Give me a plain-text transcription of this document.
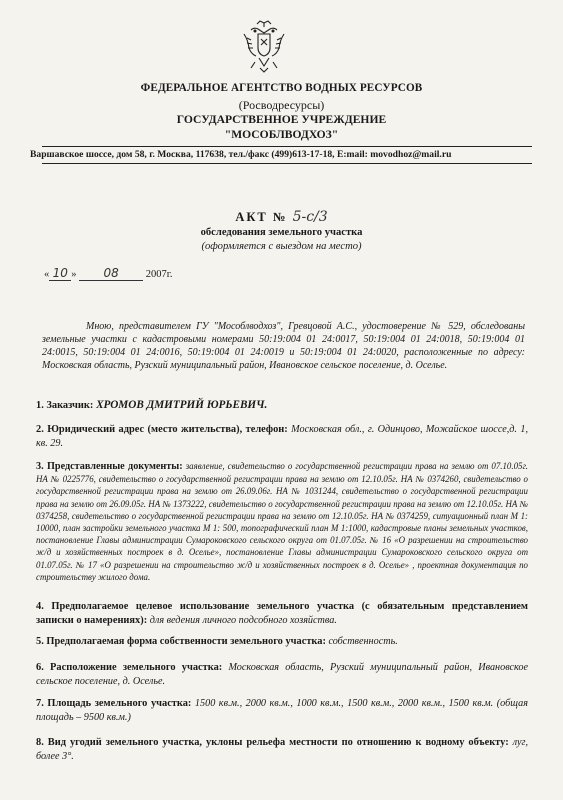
ФЕДЕРАЛЬНОЕ АГЕНТСТВО ВОДНЫХ РЕСУРСОВ
(Росводресурсы)
ГОСУДАРСТВЕННОЕ УЧРЕЖДЕНИЕ
"МОСОБЛВОДХОЗ"
Варшавское шоссе, дом 58, г. Москва, 117638, тел./факс (499)613-17-18, E:mail: movodhoz@mail.ru
АКТ № 5-с/3
обследования земельного участка
(оформляется с выездом на место)
« 10 » 08	2007г.
Мною, представителем ГУ "Мособлводхоз", Гревцовой А.С., удостоверение № 529, обследованы земельные участки с кадастровыми номерами 50:19:004 01 24:0017, 50:19:004 01 24:0018, 50:19:004 01 24:0015, 50:19:004 01 24:0016, 50:19:004 01 24:0019 и 50:19:004 01 24:0020, расположенные по адресу: Московская область, Рузский муниципальный район, Ивановское сельское поселение, д. Оселье.
1. Заказчик: ХРОМОВ ДМИТРИЙ ЮРЬЕВИЧ.
2. Юридический адрес (место жительства), телефон: Московская обл., г. Одинцово, Можайское шоссе,д. 1, кв. 29.
3. Представленные документы: заявление, свидетельство о государственной регистрации права на землю от 07.10.05г. НА № 0225776, свидетельство о государственной регистрации права на землю от 12.10.05г. НА № 0374260, свидетельство о государственной регистрации права на землю от 26.09.06г. НА № 1031244, свидетельство о государственной регистрации права на землю от 26.09.05г. НА № 1373222, свидетельство о государственной регистрации права на землю от 12.10.05г. НА № 0374258, свидетельство о государственной регистрации права на землю от 12.10.05г. НА № 0374259, ситуационный план М 1: 10000, план застройки земельного участка М 1: 500, топографический план М 1:1000, кадастровые планы земельных участков, постановление Главы администрации Сумароковского сельского округа от 01.07.05г. № 16 «О разрешении на строительство ж/д и хозяйственных построек в д. Оселье», постановление Главы администрации Сумароковского сельского округа от 01.07.05г. № 17 «О разрешении на строительство ж/д и хозяйственных построек в д. Оселье» , проектная документация по строительству жилого дома.
4. Предполагаемое целевое использование земельного участка (с обязательным представлением записки о намерениях): для ведения личного подсобного хозяйства.
5. Предполагаемая форма собственности земельного участка: собственность.
6. Расположение земельного участка: Московская область, Рузский муниципальный район, Ивановское сельское поселение, д. Оселье.
7. Площадь земельного участка: 1500 кв.м., 2000 кв.м., 1000 кв.м., 1500 кв.м., 2000 кв.м., 1500 кв.м. (общая площадь – 9500 кв.м.)
8. Вид угодий земельного участка, уклоны рельефа местности по отношению к водному объекту: луг, более 3°.
